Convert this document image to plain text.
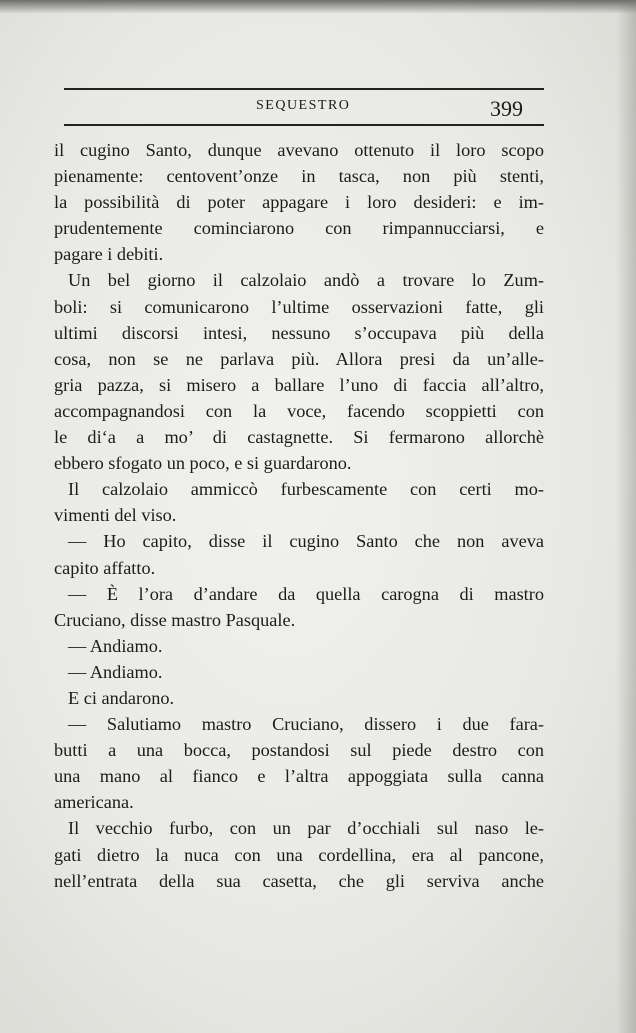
SEQUESTRO	399
il cugino Santo, dunque avevano ottenuto il loro scopo
pienamente: centovent’onze in tasca, non più stenti,
la possibilità di poter appagare i loro desideri: e im-
prudentemente cominciarono con rimpannucciarsi, e
pagare i debiti.
Un bel giorno il calzolaio andò a trovare lo Zum-
boli: si comunicarono l’ultime osservazioni fatte, gli
ultimi discorsi intesi, nessuno s’occupava più della
cosa, non se ne parlava più. Allora presi da un’alle-
gria pazza, si misero a ballare l’uno di faccia all’altro,
accompagnandosi con la voce, facendo scoppietti con
le di‘a a mo’ di castagnette. Si fermarono allorchè
ebbero sfogato un poco, e si guardarono.
Il calzolaio ammiccò furbescamente con certi mo-
vimenti del viso.
— Ho capito, disse il cugino Santo che non aveva
capito affatto.
— È l’ora d’andare da quella carogna di mastro
Cruciano, disse mastro Pasquale.
— Andiamo.
— Andiamo.
E ci andarono.
— Salutiamo mastro Cruciano, dissero i due fara-
butti a una bocca, postandosi sul piede destro con
una mano al fianco e l’altra appoggiata sulla canna
americana.
Il vecchio furbo, con un par d’occhiali sul naso le-
gati dietro la nuca con una cordellina, era al pancone,
nell’entrata della sua casetta, che gli serviva anche
